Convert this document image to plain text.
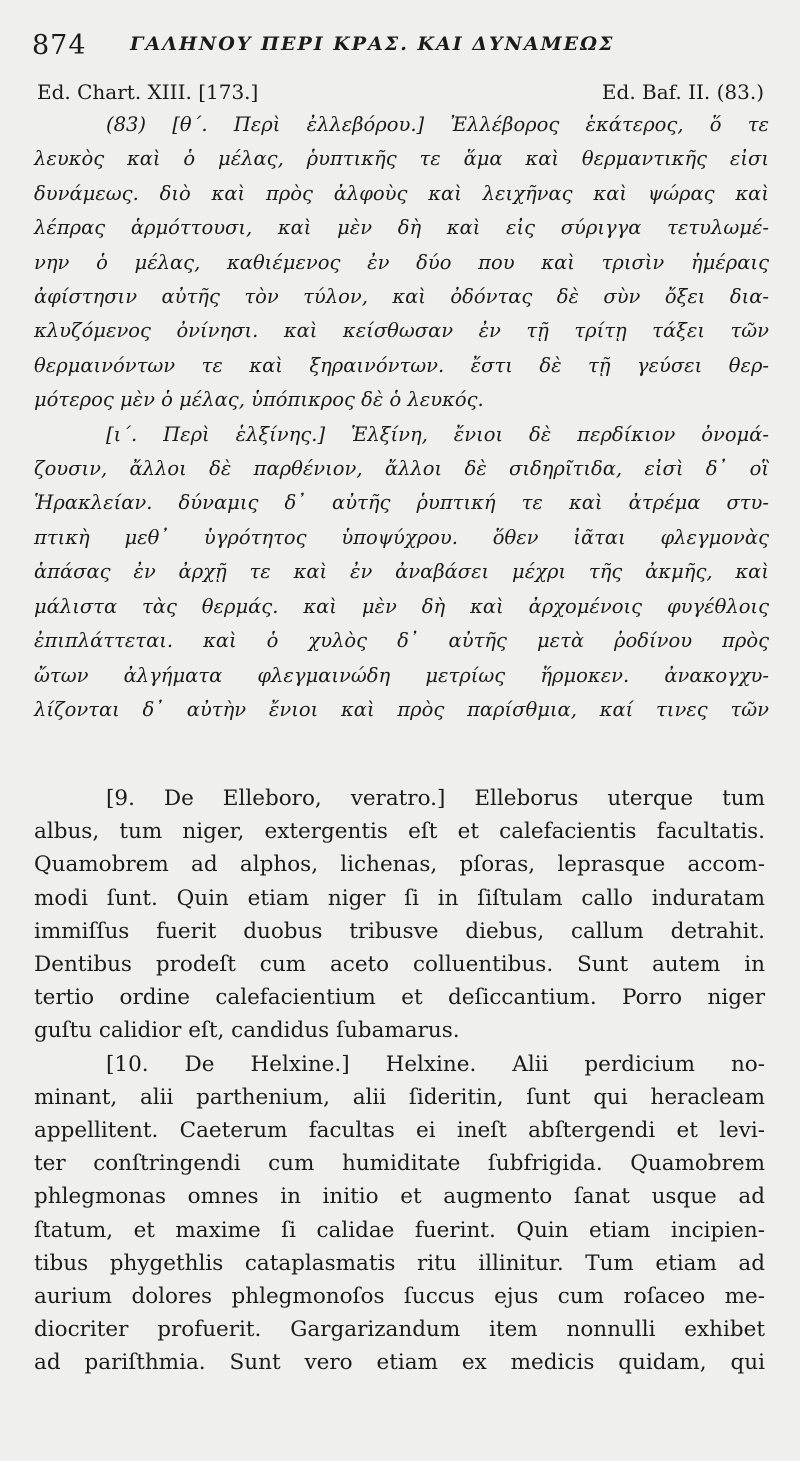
874 ΓΑΛΗΝΟΥ ΠΕΡΙ ΚΡΑΣ. ΚΑΙ ΔΥΝΑΜΕΩΣ
Ed. Chart. XIII. [173.]	Ed. Baf. II. (83.)
(83) [θ΄. Περὶ ἐλλεβόρου.] Ἐλλέβορος ἑκάτερος, ὅ τε
λευκὸς καὶ ὁ μέλας, ῥυπτικῆς τε ἅμα καὶ θερμαντικῆς εἰσι
δυνάμεως. διὸ καὶ πρὸς ἀλφοὺς καὶ λειχῆνας καὶ ψώρας καὶ
λέπρας ἁρμόττουσι, καὶ μὲν δὴ καὶ εἰς σύριγγα τετυλωμέ-
νην ὁ μέλας, καθιέμενος ἐν δύο που καὶ τρισὶν ἡμέραις
ἀφίστησιν αὐτῆς τὸν τύλον, καὶ ὀδόντας δὲ σὺν ὄξει δια-
κλυζόμενος ὀνίνησι. καὶ κείσθωσαν ἐν τῇ τρίτῃ τάξει τῶν
θερμαινόντων τε καὶ ξηραινόντων. ἔστι δὲ τῇ γεύσει θερ-
μότερος μὲν ὁ μέλας, ὑπόπικρος δὲ ὁ λευκός.
[ι΄. Περὶ ἑλξίνης.] Ἑλξίνη, ἔνιοι δὲ περδίκιον ὀνομά-
ζουσιν, ἄλλοι δὲ παρθένιον, ἄλλοι δὲ σιδηρῖτιδα, εἰσὶ δ᾽ οἳ
Ἡρακλείαν. δύναμις δ᾽ αὐτῆς ῥυπτική τε καὶ ἀτρέμα στυ-
πτικὴ μεθ᾽ ὑγρότητος ὑποψύχρου. ὅθεν ἰᾶται φλεγμονὰς
ἁπάσας ἐν ἀρχῇ τε καὶ ἐν ἀναβάσει μέχρι τῆς ἀκμῆς, καὶ
μάλιστα τὰς θερμάς. καὶ μὲν δὴ καὶ ἀρχομένοις φυγέθλοις
ἐπιπλάττεται. καὶ ὁ χυλὸς δ᾽ αὐτῆς μετὰ ῥοδίνου πρὸς
ὤτων ἀλγήματα φλεγμαινώδη μετρίως ἥρμοκεν. ἀνακογχυ-
λίζονται δ᾽ αὐτὴν ἔνιοι καὶ πρὸς παρίσθμια, καί τινες τῶν
[9. De Elleboro, veratro.] Elleborus uterque tum
albus, tum niger, extergentis eſt et calefacientis facultatis.
Quamobrem ad alphos, lichenas, pſoras, leprasque accom-
modi ſunt. Quin etiam niger ſi in ſiſtulam callo induratam
immiſſus fuerit duobus tribusve diebus, callum detrahit.
Dentibus prodeſt cum aceto colluentibus. Sunt autem in
tertio ordine calefacientium et deſiccantium. Porro niger
guſtu calidior eſt, candidus ſubamarus.
[10. De Helxine.] Helxine. Alii perdicium no-
minant, alii parthenium, alii ſideritin, ſunt qui heracleam
appellitent. Caeterum facultas ei ineſt abſtergendi et levi-
ter conſtringendi cum humiditate ſubfrigida. Quamobrem
phlegmonas omnes in initio et augmento ſanat usque ad
ſtatum, et maxime ſi calidae fuerint. Quin etiam incipien-
tibus phygethlis cataplasmatis ritu illinitur. Tum etiam ad
aurium dolores phlegmonoſos ſuccus ejus cum roſaceo me-
diocriter profuerit. Gargarizandum item nonnulli exhibet
ad pariſthmia. Sunt vero etiam ex medicis quidam, qui
